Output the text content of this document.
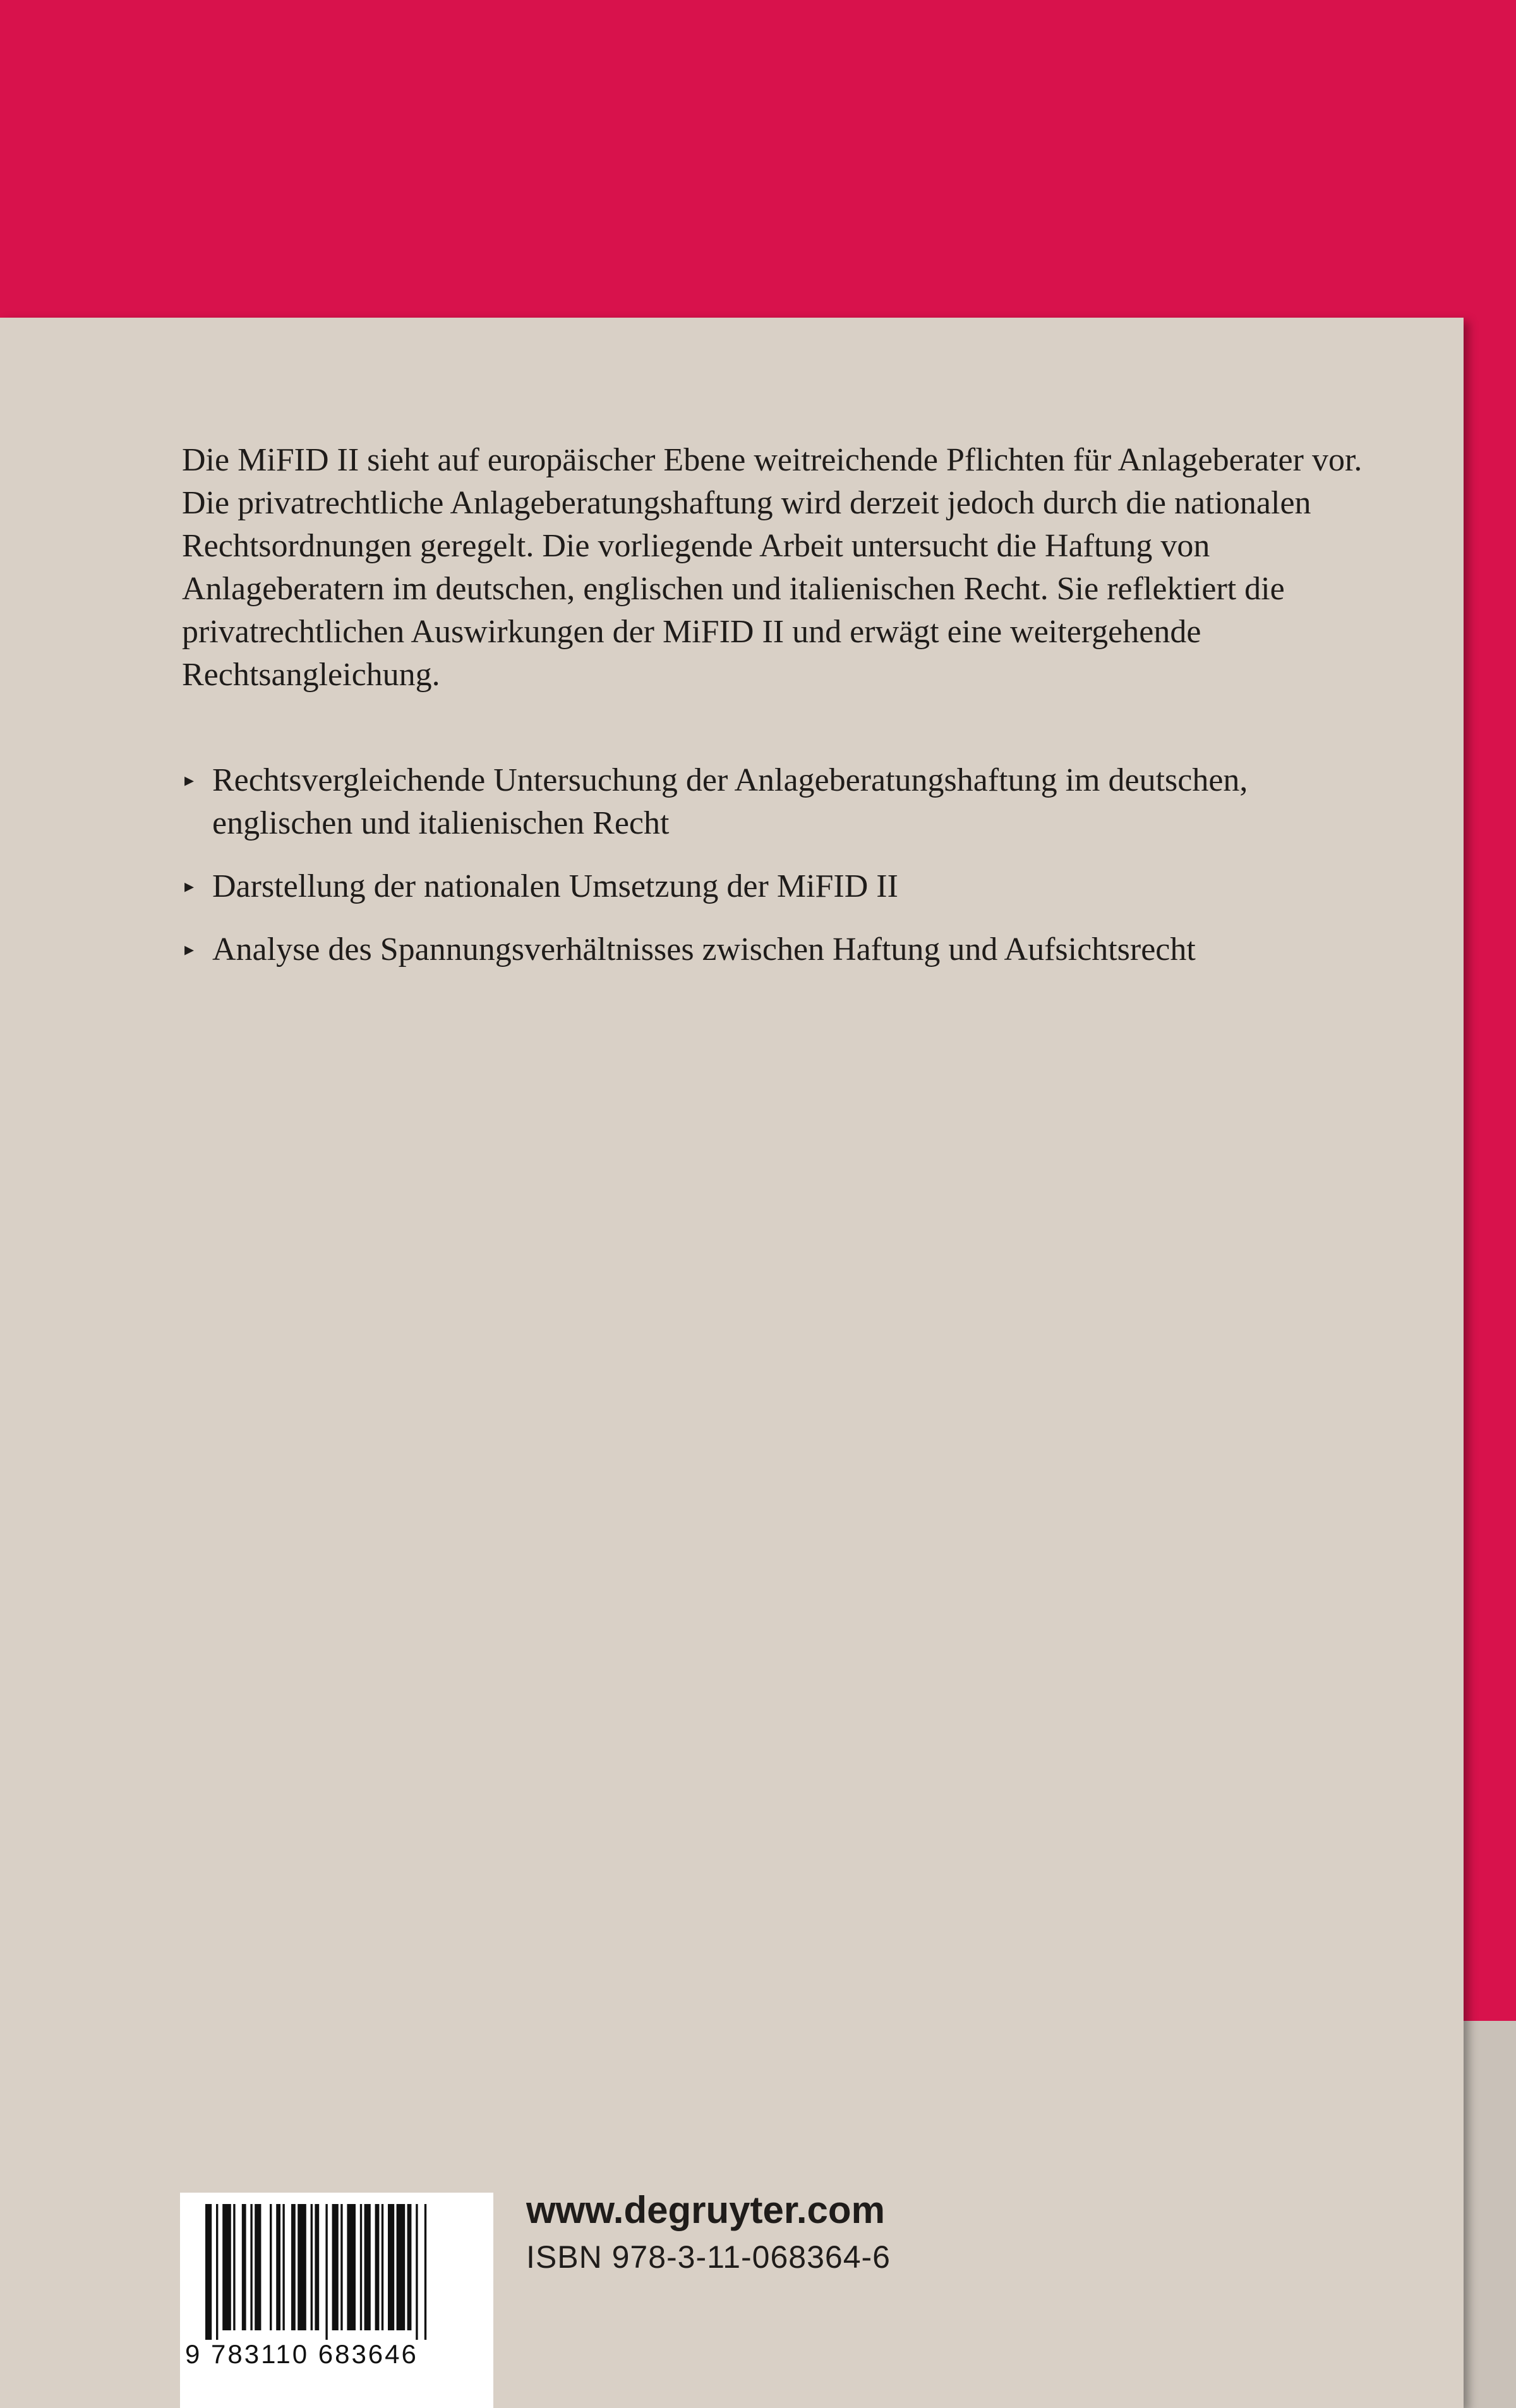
Die MiFID II sieht auf europäischer Ebene weitreichende Pflichten für Anlageberater vor. Die privatrechtliche Anlageberatungshaftung wird derzeit jedoch durch die nationalen Rechtsordnungen geregelt. Die vorliegende Arbeit untersucht die Haftung von Anlageberatern im deutschen, englischen und italienischen Recht. Sie reflektiert die privatrechtlichen Auswirkungen der MiFID II und erwägt eine weitergehende Rechtsangleichung.
▸ Rechtsvergleichende Untersuchung der Anlageberatungshaftung im deutschen, englischen und italienischen Recht
▸ Darstellung der nationalen Umsetzung der MiFID II
▸ Analyse des Spannungsverhältnisses zwischen Haftung und Aufsichtsrecht
9 783110 683646
www.degruyter.com
ISBN 978-3-11-068364-6
